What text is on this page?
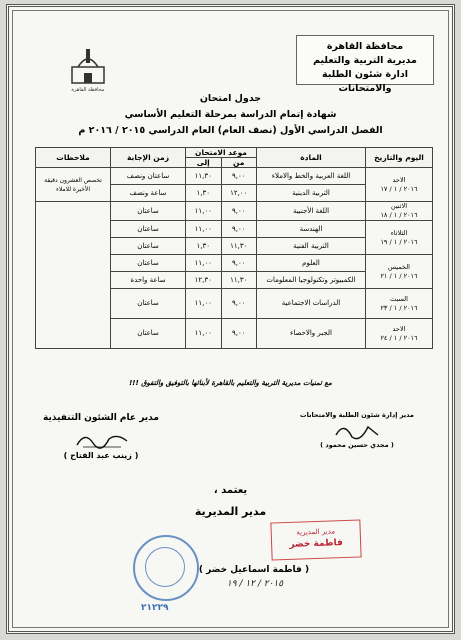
محافظة القاهرة
محافظة القاهرة
مديرية التربية والتعليم
ادارة شئون الطلبة والامتحانات
جدول امتحان
شهادة إتمام الدراسة بمرحلة التعليم الأساسي
الفصل الدراسي الأول (نصف العام) العام الدراسي ٢٠١٥ / ٢٠١٦ م
اليوم والتاريخ	المادة	موعد الامتحان		زمن الإجابة	ملاحظات
		من	إلى		

الاحد
٢٠١٦ / ١ / ١٧	اللغة العربية والخط والاملاء	٩,٠٠	١١,٣٠	ساعتان ونصف	تخصص العشرون دقيقة الأخيرة للاملاء
	التربية الدينية	١٢,٠٠	١,٣٠	ساعة ونصف	

الاثنين
٢٠١٦ / ١ / ١٨	اللغة الأجنبية	٩,٠٠	١١,٠٠	ساعتان	

الثلاثاء
٢٠١٦ / ١ / ١٩	الهندسة	٩,٠٠	١١,٠٠	ساعتان	
	التربية الفنية	١١,٣٠	١,٣٠	ساعتان	

الخميس
٢٠١٦ / ١ / ٢١	العلوم	٩,٠٠	١١,٠٠	ساعتان	
	الكمبيوتر وتكنولوجيا المعلومات	١١,٣٠	١٢,٣٠	ساعة واحدة	

السبت
٢٠١٦ / ١ / ٢٣	الدراسات الاجتماعية	٩,٠٠	١١,٠٠	ساعتان	

الاحد
٢٠١٦ / ١ / ٢٤	الجبر والاحصاء	٩,٠٠	١١,٠٠	ساعتان	
مع تمنيات مديرية التربية والتعليم بالقاهرة لأبنائها بالتوفيق والتفوق !!!
مدير عام الشئون التنفيذية
( زينب عبد الفتاح )
مدير إدارة شئون الطلبة والامتحانات
( مجدي حسين محمود )
يعتمد ،
مدير المديرية
مدير المديرية
فاطمة خضر
( فاطمة اسماعيل خضر )
٢٠١٥ / ١٢ / ١٩
٢١٢٢٩
